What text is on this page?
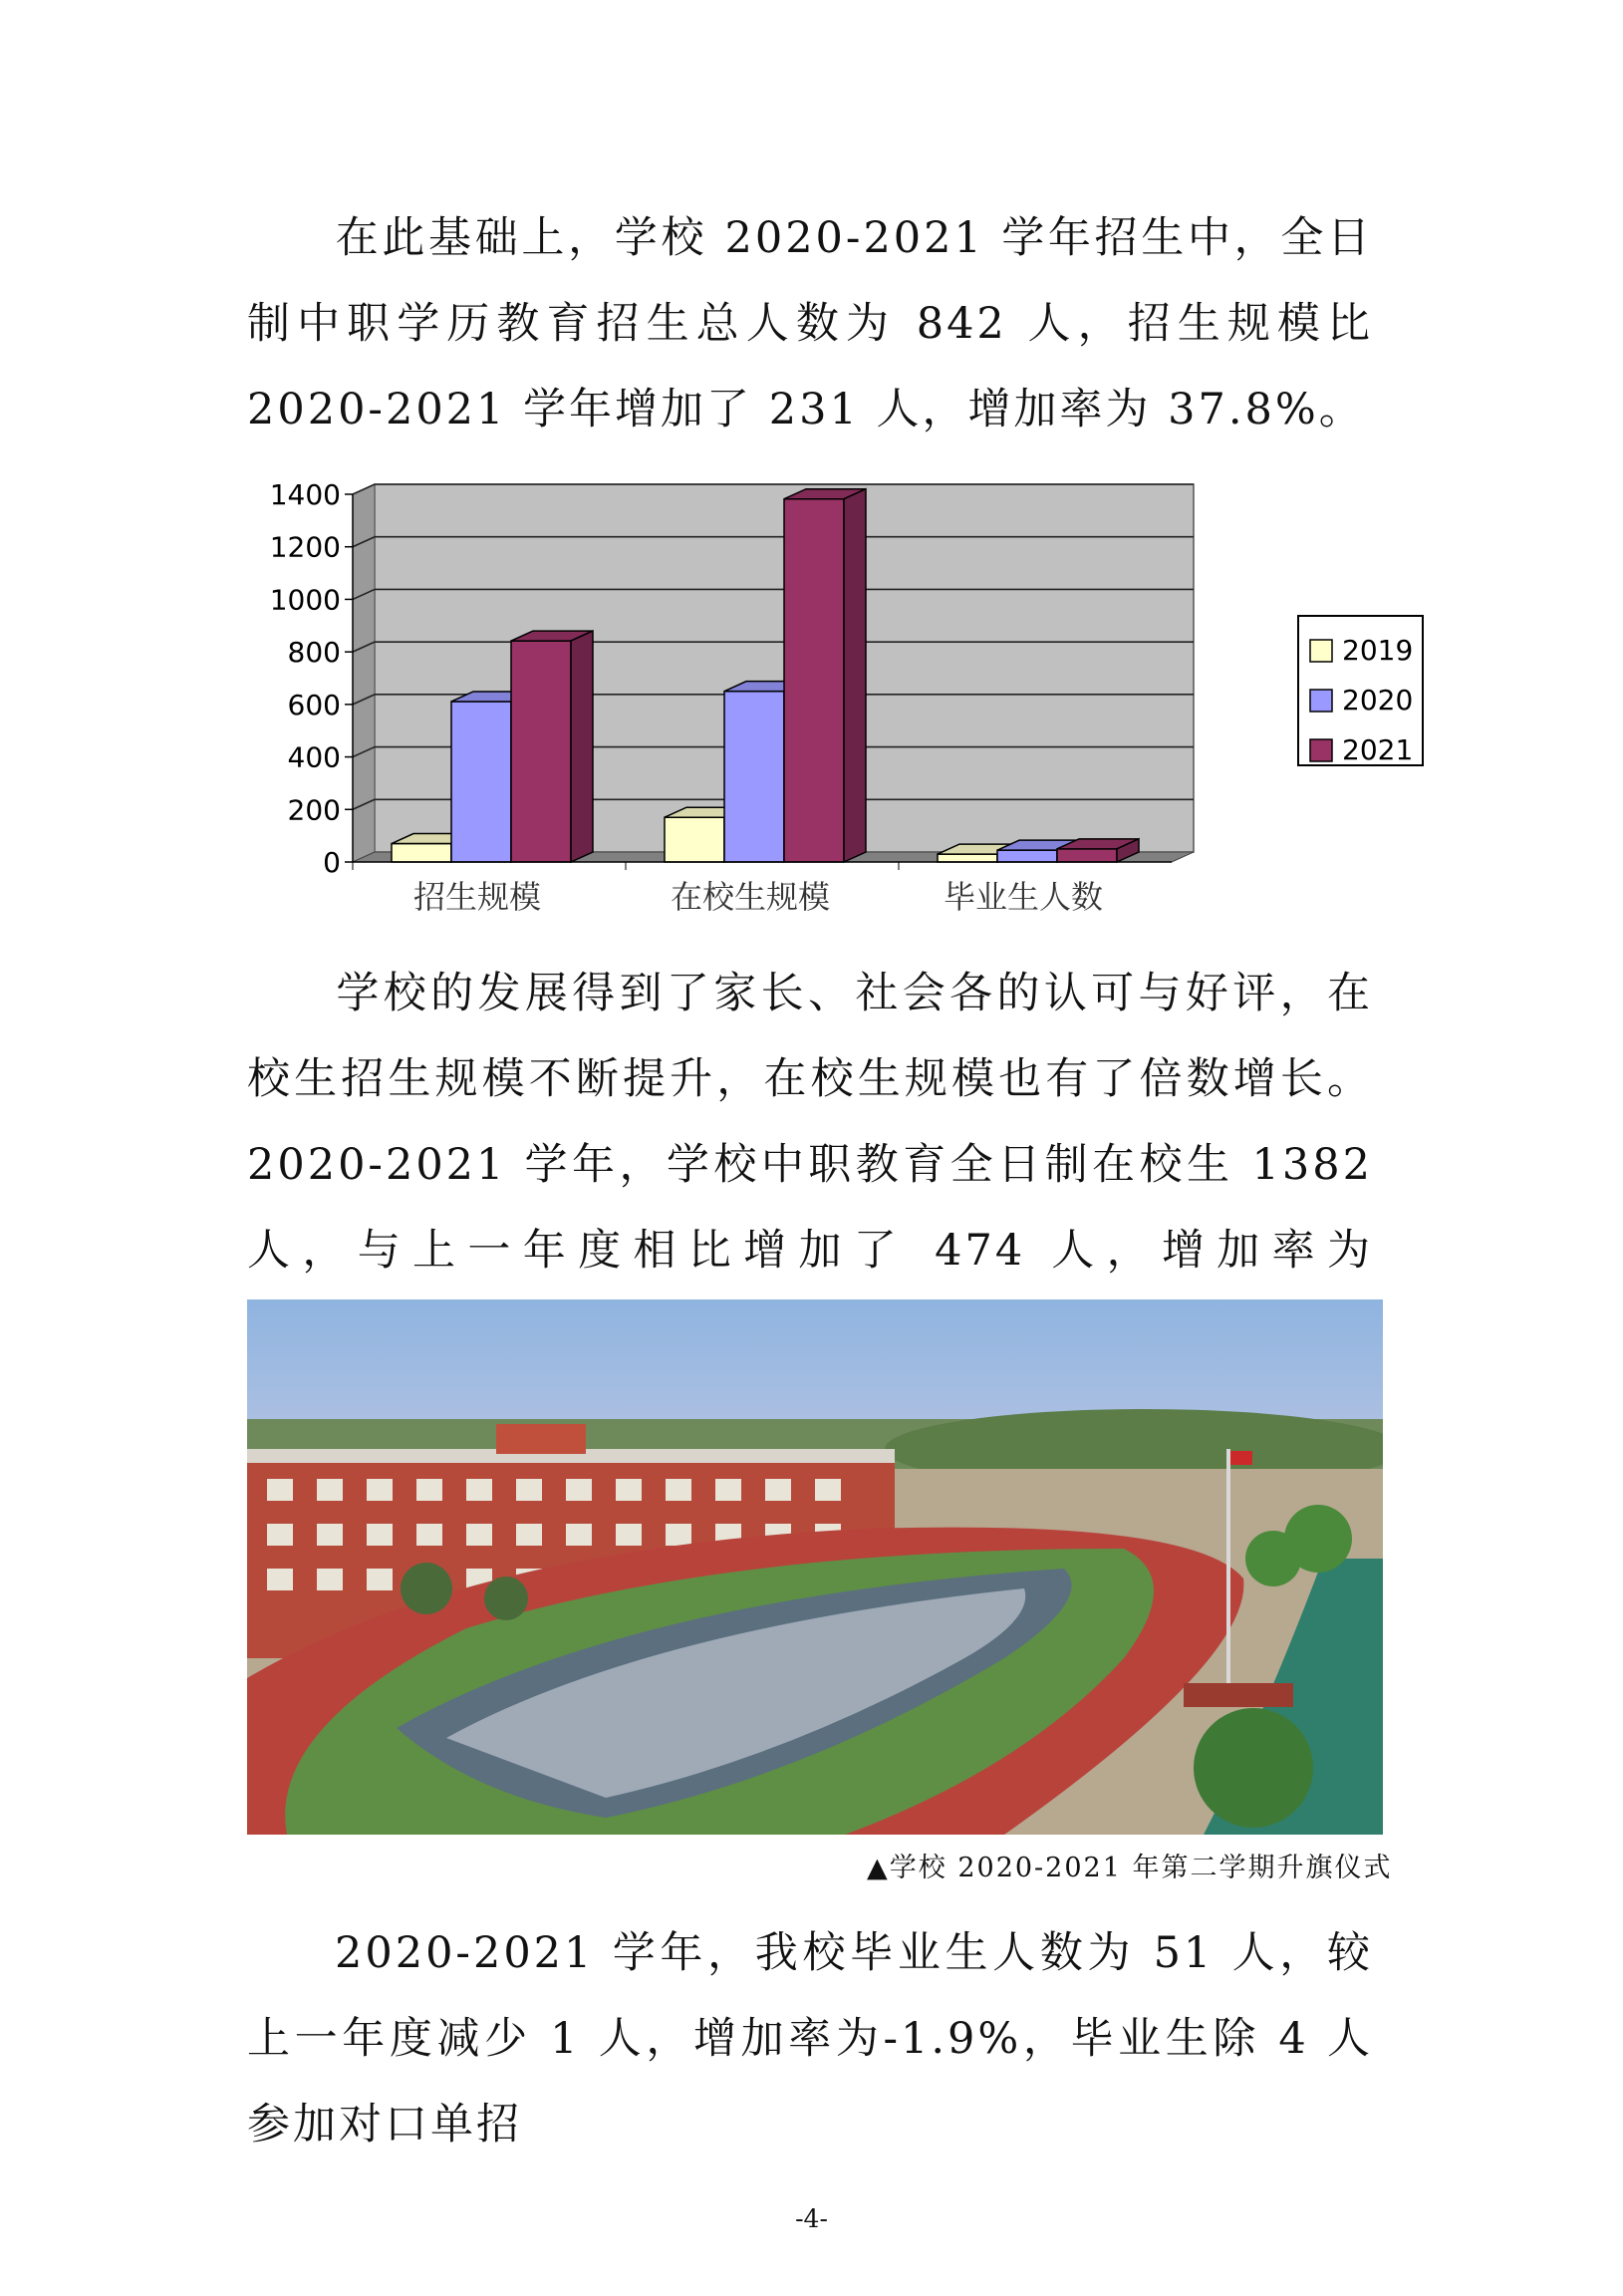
在此基础上，学校 2020-2021 学年招生中，全日制中职学历教育招生总人数为 842 人，招生规模比 2020-2021 学年增加了 231 人，增加率为 37.8%。

0
200
400
600
800
1000
1200
1400
招生规模	在校生规模	毕业生人数
2019
2020
2021

学校的发展得到了家长、社会各的认可与好评，在校生招生规模不断提升，在校生规模也有了倍数增长。2020-2021 学年，学校中职教育全日制在校生 1382 人，与上一年度相比增加了 474 人，增加率为

▲学校 2020-2021 年第二学期升旗仪式

2020-2021 学年，我校毕业生人数为 51 人，较上一年度减少 1 人，增加率为-1.9%，毕业生除 4 人参加对口单招

-4-
